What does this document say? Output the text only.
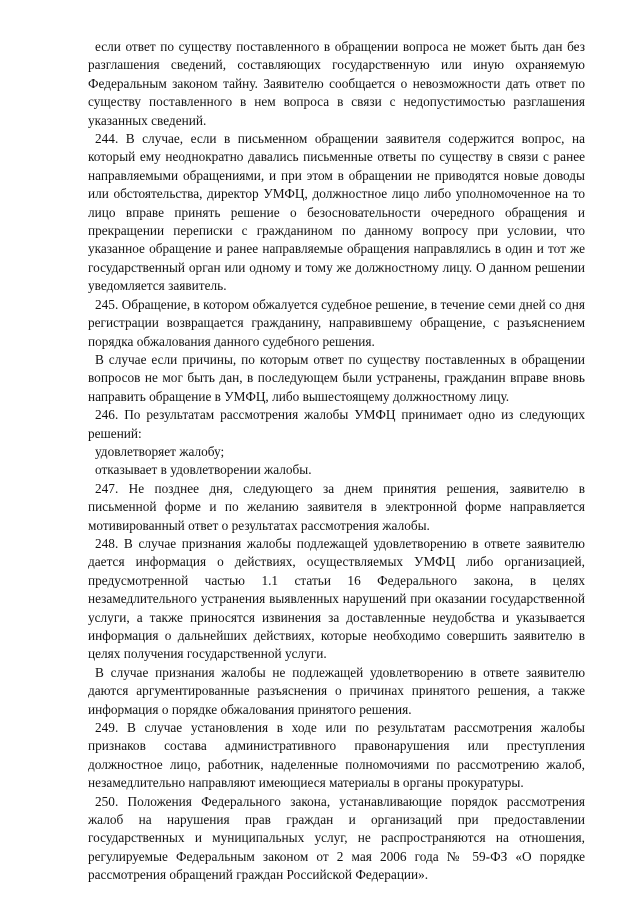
если ответ по существу поставленного в обращении вопроса не может быть дан без разглашения сведений, составляющих государственную или иную охраняемую Федеральным законом тайну. Заявителю сообщается о невозможности дать ответ по существу поставленного в нем вопроса в связи с недопустимостью разглашения указанных сведений.

244. В случае, если в письменном обращении заявителя содержится вопрос, на который ему неоднократно давались письменные ответы по существу в связи с ранее направляемыми обращениями, и при этом в обращении не приводятся новые доводы или обстоятельства, директор УМФЦ, должностное лицо либо уполномоченное на то лицо вправе принять решение о безосновательности очередного обращения и прекращении переписки с гражданином по данному вопросу при условии, что указанное обращение и ранее направляемые обращения направлялись в один и тот же государственный орган или одному и тому же должностному лицу. О данном решении уведомляется заявитель.

245. Обращение, в котором обжалуется судебное решение, в течение семи дней со дня регистрации возвращается гражданину, направившему обращение, с разъяснением порядка обжалования данного судебного решения.

В случае если причины, по которым ответ по существу поставленных в обращении вопросов не мог быть дан, в последующем были устранены, гражданин вправе вновь направить обращение в УМФЦ, либо вышестоящему должностному лицу.

246. По результатам рассмотрения жалобы УМФЦ принимает одно из следующих решений:

удовлетворяет жалобу;

отказывает в удовлетворении жалобы.

247. Не позднее дня, следующего за днем принятия решения, заявителю в письменной форме и по желанию заявителя в электронной форме направляется мотивированный ответ о результатах рассмотрения жалобы.

248. В случае признания жалобы подлежащей удовлетворению в ответе заявителю дается информация о действиях, осуществляемых УМФЦ либо организацией, предусмотренной частью 1.1 статьи 16 Федерального закона, в целях незамедлительного устранения выявленных нарушений при оказании государственной услуги, а также приносятся извинения за доставленные неудобства и указывается информация о дальнейших действиях, которые необходимо совершить заявителю в целях получения государственной услуги.

В случае признания жалобы не подлежащей удовлетворению в ответе заявителю даются аргументированные разъяснения о причинах принятого решения, а также информация о порядке обжалования принятого решения.

249. В случае установления в ходе или по результатам рассмотрения жалобы признаков состава административного правонарушения или преступления должностное лицо, работник, наделенные полномочиями по рассмотрению жалоб, незамедлительно направляют имеющиеся материалы в органы прокуратуры.

250. Положения Федерального закона, устанавливающие порядок рассмотрения жалоб на нарушения прав граждан и организаций при предоставлении государственных и муниципальных услуг, не распространяются на отношения, регулируемые Федеральным законом от 2 мая 2006 года № 59-ФЗ «О порядке рассмотрения обращений граждан Российской Федерации».
